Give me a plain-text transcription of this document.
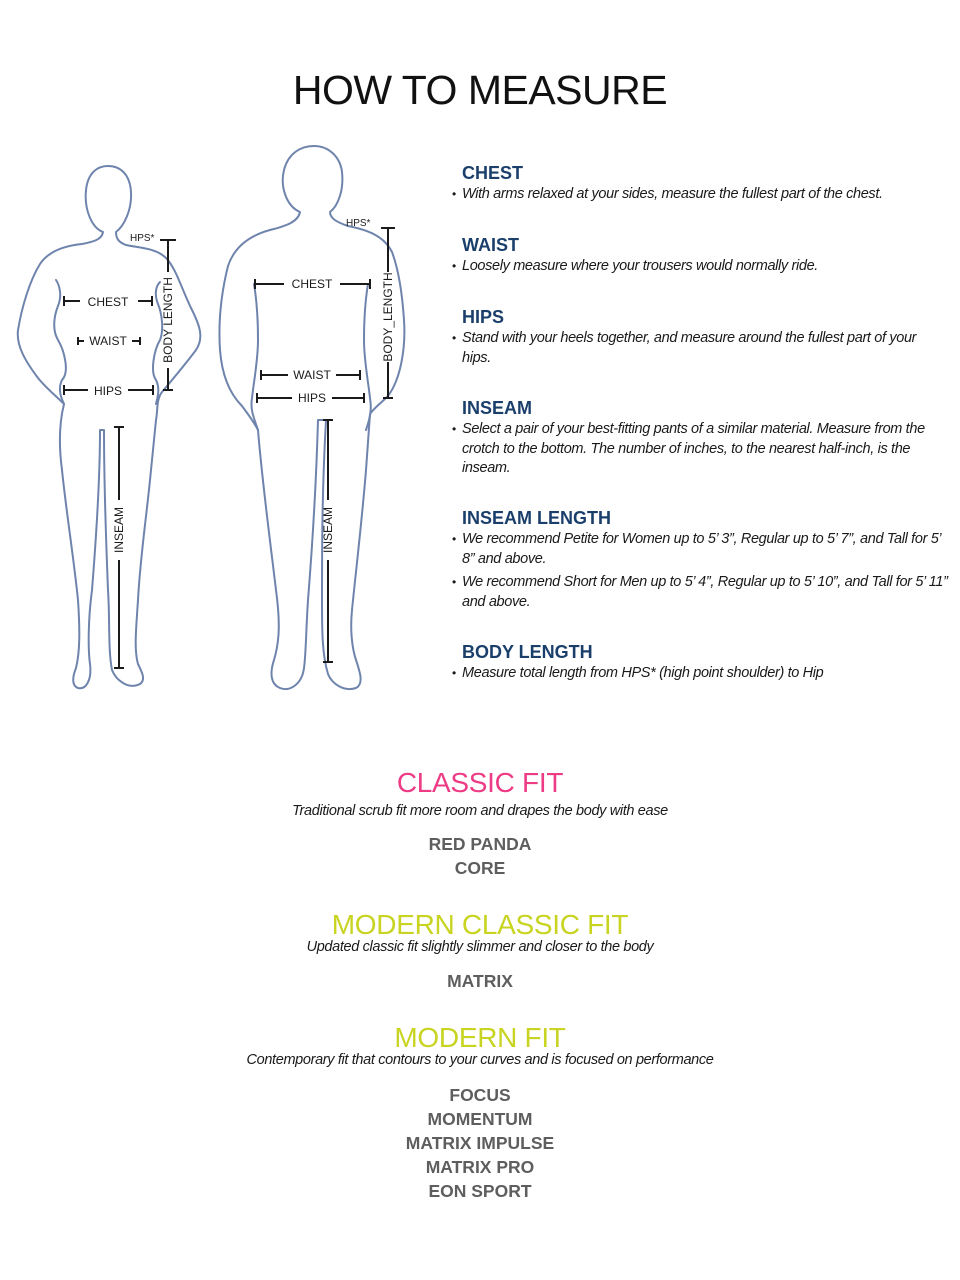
HOW TO MEASURE
HPS*
CHEST
WAIST
HIPS
BODY LENGTH
INSEAM
HPS*
CHEST
WAIST
HIPS
BODY_LENGTH
INSEAM
CHEST
• With arms relaxed at your sides, measure the fullest part of the chest.
WAIST
• Loosely measure where your trousers would normally ride.
HIPS
• Stand with your heels together, and measure around the fullest part of your hips.
INSEAM
• Select a pair of your best-fitting pants of a similar material. Measure from the crotch to the bottom. The number of inches, to the nearest half-inch, is the inseam.
INSEAM LENGTH
• We recommend Petite for Women up to 5’ 3”, Regular up to 5’ 7”, and Tall for 5’ 8” and above.
• We recommend Short for Men up to 5’ 4”, Regular up to 5’ 10”, and Tall for 5’ 11” and above.
BODY LENGTH
• Measure total length from HPS* (high point shoulder) to Hip
CLASSIC FIT
Traditional scrub fit more room and drapes the body with ease
RED PANDA
CORE
MODERN CLASSIC FIT
Updated classic fit slightly slimmer and closer to the body
MATRIX
MODERN FIT
Contemporary fit that contours to your curves and is focused on performance
FOCUS
MOMENTUM
MATRIX IMPULSE
MATRIX PRO
EON SPORT
